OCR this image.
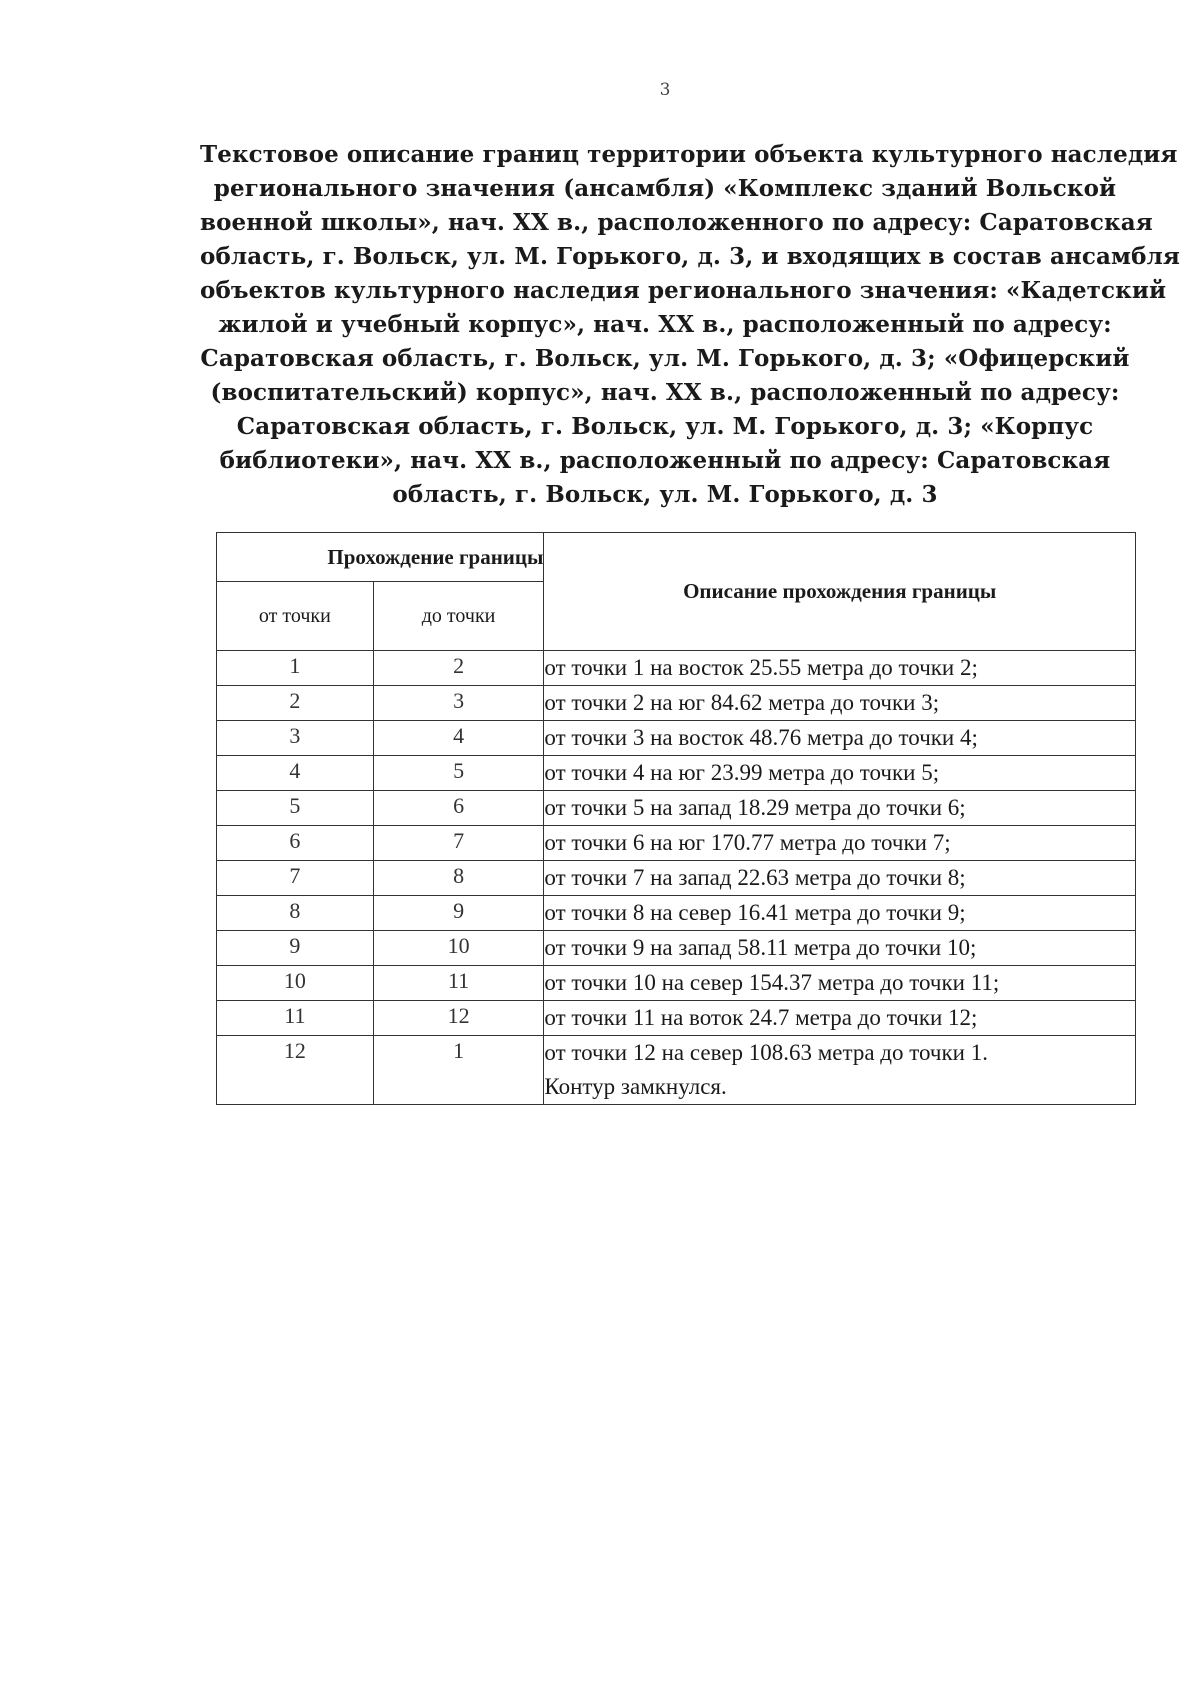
3
Текстовое описание границ территории объекта культурного наследия
регионального значения (ансамбля) «Комплекс зданий Вольской
военной школы», нач. XX в., расположенного по адресу: Саратовская
область, г. Вольск, ул. М. Горького, д. 3, и входящих в состав ансамбля
объектов культурного наследия регионального значения: «Кадетский
жилой и учебный корпус», нач. XX в., расположенный по адресу:
Саратовская область, г. Вольск, ул. М. Горького, д. 3; «Офицерский
(воспитательский) корпус», нач. XX в., расположенный по адресу:
Саратовская область, г. Вольск, ул. М. Горького, д. 3; «Корпус
библиотеки», нач. XX в., расположенный по адресу: Саратовская
область, г. Вольск, ул. М. Горького, д. 3
Прохождение границы		Описание прохождения границы
от точки	до точки	
1	2	от точки 1 на восток 25.55 метра до точки 2;
2	3	от точки 2 на юг 84.62 метра до точки 3;
3	4	от точки 3 на восток 48.76 метра до точки 4;
4	5	от точки 4 на юг 23.99 метра до точки 5;
5	6	от точки 5 на запад 18.29 метра до точки 6;
6	7	от точки 6 на юг 170.77 метра до точки 7;
7	8	от точки 7 на запад 22.63 метра до точки 8;
8	9	от точки 8 на север 16.41 метра до точки 9;
9	10	от точки 9 на запад 58.11 метра до точки 10;
10	11	от точки 10 на север 154.37 метра до точки 11;
11	12	от точки 11 на воток 24.7 метра до точки 12;
12	1	от точки 12 на север 108.63 метра до точки 1.
Контур замкнулся.
